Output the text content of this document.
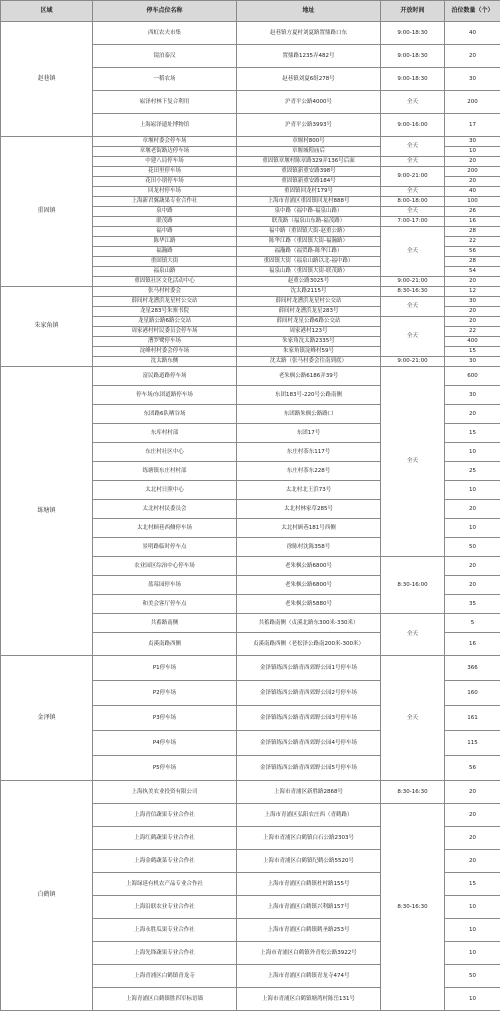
区域	停车点位名称	地址	开放时间	泊位数量（个）
赵巷镇	西虹农夫市集	赵巷镇方夏村刘夏路置鼎路口东	9:00-18:30	40
	镜泊泰汉	置鼎路1235弄482号	9:00-18:30	20
	一稻农场	赵巷镇刘夏6组278号	9:00-18:30	30
	崧泽村林下复合利用	沪青平公路4000号	全天	200
	上海崧泽遗址博物馆	沪青平公路3993号	9:00-16:00	17
重固镇	章堰村委会停车场	章堰村800号	全天	30
	章堰老街路边停车场	章堰城隍庙后		10
	中建八局停车场	重固镇章堰村陈章路329弄136号后面	全天	20
	花田里停车场	重固镇新重安路398号	9:00-21:00	200
	花田小朋停车场	重固镇新重安路184号		20
	回龙村停车场	重固镇回龙村179号	全天	40
	上海新君翼蔬果专业合作社	上海市青浦区重固镇回龙村888号	8:00-18:00	100
	泉中路	泉中路（福中路-福泉山路）	全天	26
	联茂路	联茂路（福泉山东路-福茂路）	7:00-17:00	16
	福中路	福中路（重固镇大街-赵重公路）	全天	28
	陈华江路	陈华江路（重固镇大街-福瀚路）		22
	福瀚路	福瀚路（福贸路-陈华江路）		56
	重固镇大街	重固镇大街（福泉山路以北-福中路）		28
	福泉山路	福泉山路（重固镇大街-联茂路）		54
	重固镇社区文化活动中心	赵重公路3025号	9:00-21:00	20
朱家角镇	张马村村委会	沈太路2115号	8:30-16:30	12
	薛间村龙漕浜龙星村公交站	薛间村龙漕浜龙星村公交站	全天	30
	龙星283号朱寨书院	薛间村龙漕浜龙星283号		20
	龙星路公路6路公交站	薛间村龙星公路6路公交站	全天	20
	周家港村村民委员会停车场	周家港村123号		22
	漕罗鹭停车场	朱家角沈太路2335号		400
	淀峰村村委会停车场	朱家角镇淀峰村59号		15
	沈太路东侧	沈太路（张马村委会往南到底）	9:00-21:00	30
练塘镇	富民路道路停车场	老朱枫公路6186弄39号	全天	600
	停车场/东团道路停车场	东团183号-220号公路南侧		30
	东团路6队晒谷场	东团路朱枫公路路口		20
	东库村村部	东团17号		15
	东庄村社区中心	东庄村茶东117号		10
	练塘镇东庄村村部	东庄村茶东228号		25
	太北村日照中心	太北村北王浜73号		10
	太北村村民委员会	太北村林家草285号		20
	太北村顾巷西侧停车场	太北村顾巷181号西侧		10
	景明路临时停车点	徐陈村沈陈358号		50
	农业园区综治中心停车场	老朱枫公路6800号	8:30-16:00	20
	蓝莓园停车场	老朱枫公路6800号		20
	和美会客厅停车点	老朱枫公路5880号		35
	共蓄路南侧	共蓄路南侧（贞溪北路东300米-330米）	全天	5
	贞溪南路西侧	贞溪南路西侧（老松泽公路南200米-300米）		16
金泽镇	P1停车场	金泽镇练西公路青西郊野公园1号停车场	全天	366
	P2停车场	金泽镇练西公路青西郊野公园2号停车场		160
	P3停车场	金泽镇练西公路青西郊野公园3号停车场		161
	P4停车场	金泽镇练西公路青西郊野公园4号停车场		115
	P5停车场	金泽镇练西公路青西郊野公园5号停车场		56
白鹤镇	上海执美农业投资有限公司	上海市青浦区新胜路2868号	8:30-16:30	20
	上海青信蔬果专业合作社	上海市青浦区弘阳农庄西（青鹤路）	8:30-16:30	20
	上海红鹤蔬果专业合作社	上海市青浦区白鹤镇白石公路2303号		20
	上海金鹤蔬菜专业合作社	上海市青浦区白鹤镇纪鹤公路5520号		20
	上海绿延有机农产品专业合作社	上海市青浦区白鹤镇杜村路155号		15
	上海沿联农业专业合作社	上海市青浦区白鹤镇兴利路157号		10
	上海永胜瓜果专业合作社	上海市青浦区白鹤镇鹤圣路253号		10
	上海先锋蔬果专业合作社	上海市青浦区白鹤镇外青松公路3922号		10
	上海青浦区白鹤镇青龙寺	上海市青浦区白鹤镇青龙寺474号		50
	上海青浦区白鹤镇胜四军标语墙	上海市青浦区白鹤镇塘湾村陈岳131号		10
